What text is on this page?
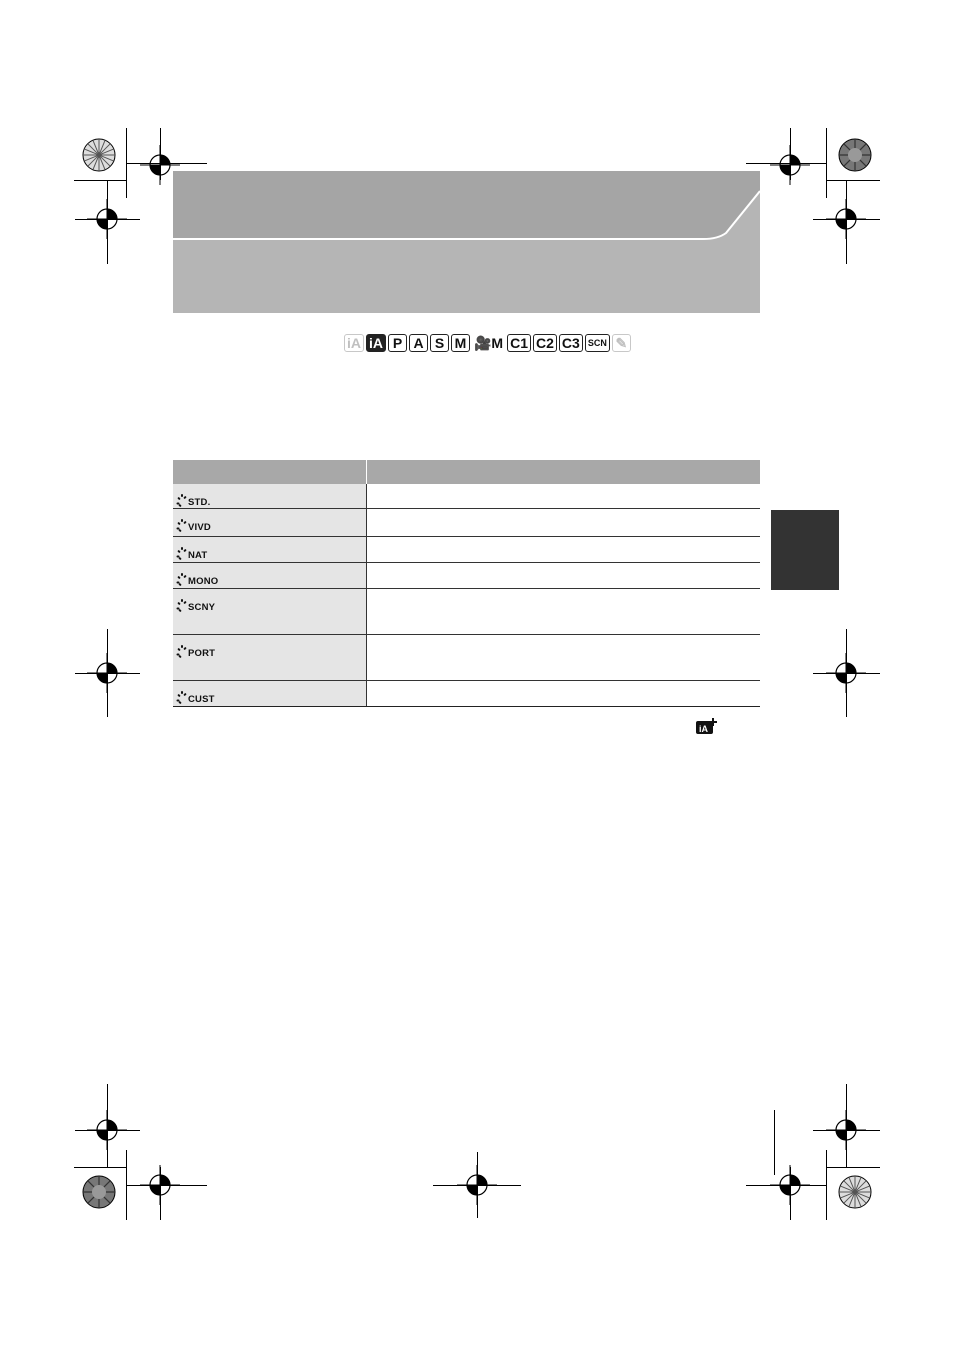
iA iA P A S M 🎥M C1 C2 C3 SCN ✎

STD.	

VIVD	

NAT	

MONO	

SCNY	

PORT	

CUST	

iA
